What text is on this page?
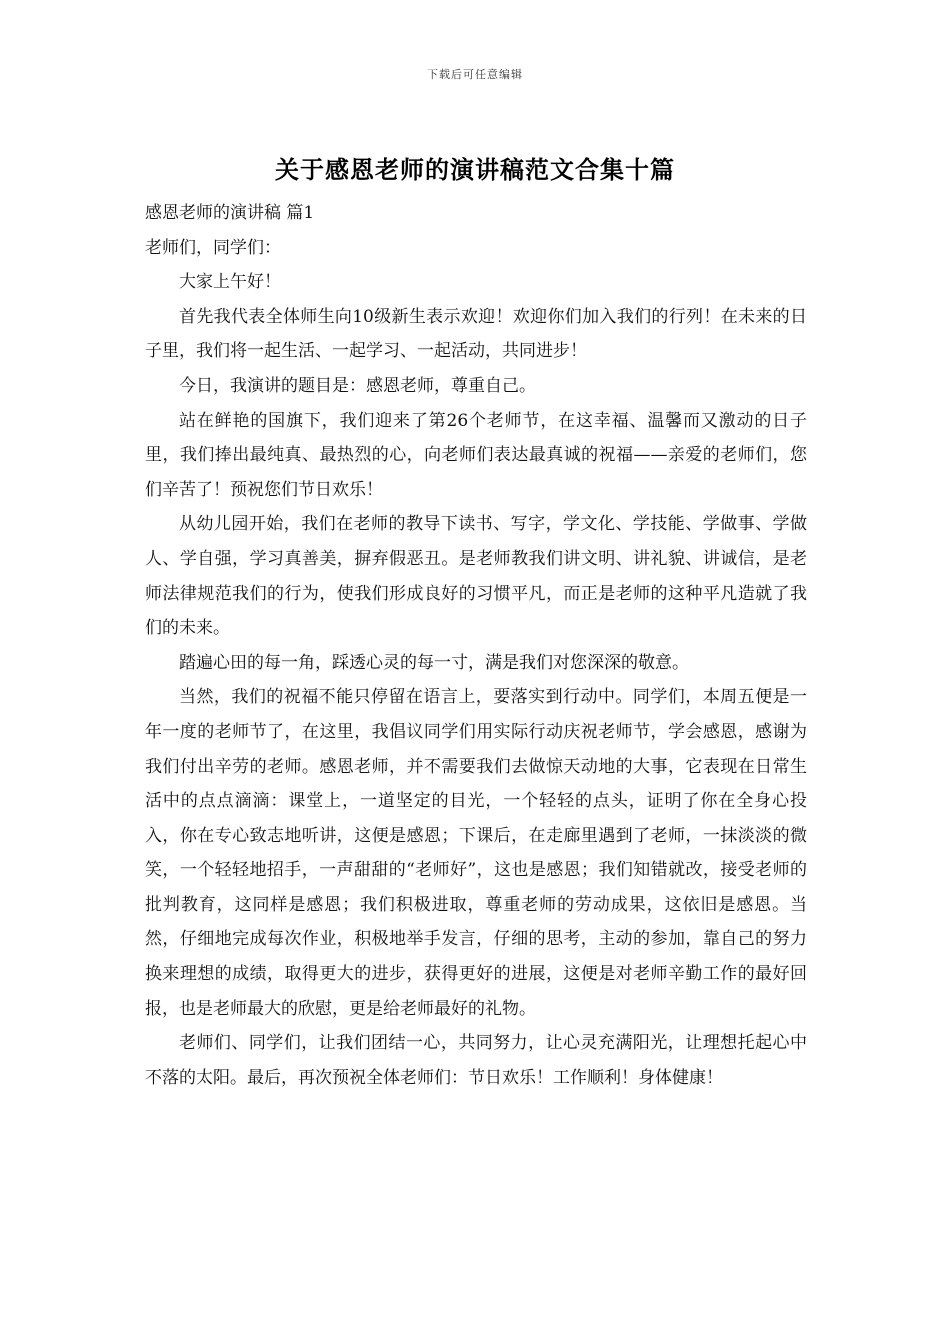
下载后可任意编辑
关于感恩老师的演讲稿范文合集十篇

感恩老师的演讲稿 篇1

老师们，同学们：

大家上午好！

首先我代表全体师生向10级新生表示欢迎！欢迎你们加入我们的行列！在未来的日子里，我们将一起生活、一起学习、一起活动，共同进步！

今日，我演讲的题目是：感恩老师，尊重自己。

站在鲜艳的国旗下，我们迎来了第26个老师节，在这幸福、温馨而又激动的日子里，我们捧出最纯真、最热烈的心，向老师们表达最真诚的祝福——亲爱的老师们，您们辛苦了！预祝您们节日欢乐！

从幼儿园开始，我们在老师的教导下读书、写字，学文化、学技能、学做事、学做人、学自强，学习真善美，摒弃假恶丑。是老师教我们讲文明、讲礼貌、讲诚信，是老师法律规范我们的行为，使我们形成良好的习惯平凡，而正是老师的这种平凡造就了我们的未来。

踏遍心田的每一角，踩透心灵的每一寸，满是我们对您深深的敬意。

当然，我们的祝福不能只停留在语言上，要落实到行动中。同学们，本周五便是一年一度的老师节了，在这里，我倡议同学们用实际行动庆祝老师节，学会感恩，感谢为我们付出辛劳的老师。感恩老师，并不需要我们去做惊天动地的大事，它表现在日常生活中的点点滴滴：课堂上，一道坚定的目光，一个轻轻的点头，证明了你在全身心投入，你在专心致志地听讲，这便是感恩；下课后，在走廊里遇到了老师，一抹淡淡的微笑，一个轻轻地招手，一声甜甜的“老师好”，这也是感恩；我们知错就改，接受老师的批判教育，这同样是感恩；我们积极进取，尊重老师的劳动成果，这依旧是感恩。当然，仔细地完成每次作业，积极地举手发言，仔细的思考，主动的参加，靠自己的努力换来理想的成绩，取得更大的进步，获得更好的进展，这便是对老师辛勤工作的最好回报，也是老师最大的欣慰，更是给老师最好的礼物。

老师们、同学们，让我们团结一心，共同努力，让心灵充满阳光，让理想托起心中不落的太阳。最后，再次预祝全体老师们：节日欢乐！工作顺利！身体健康！
